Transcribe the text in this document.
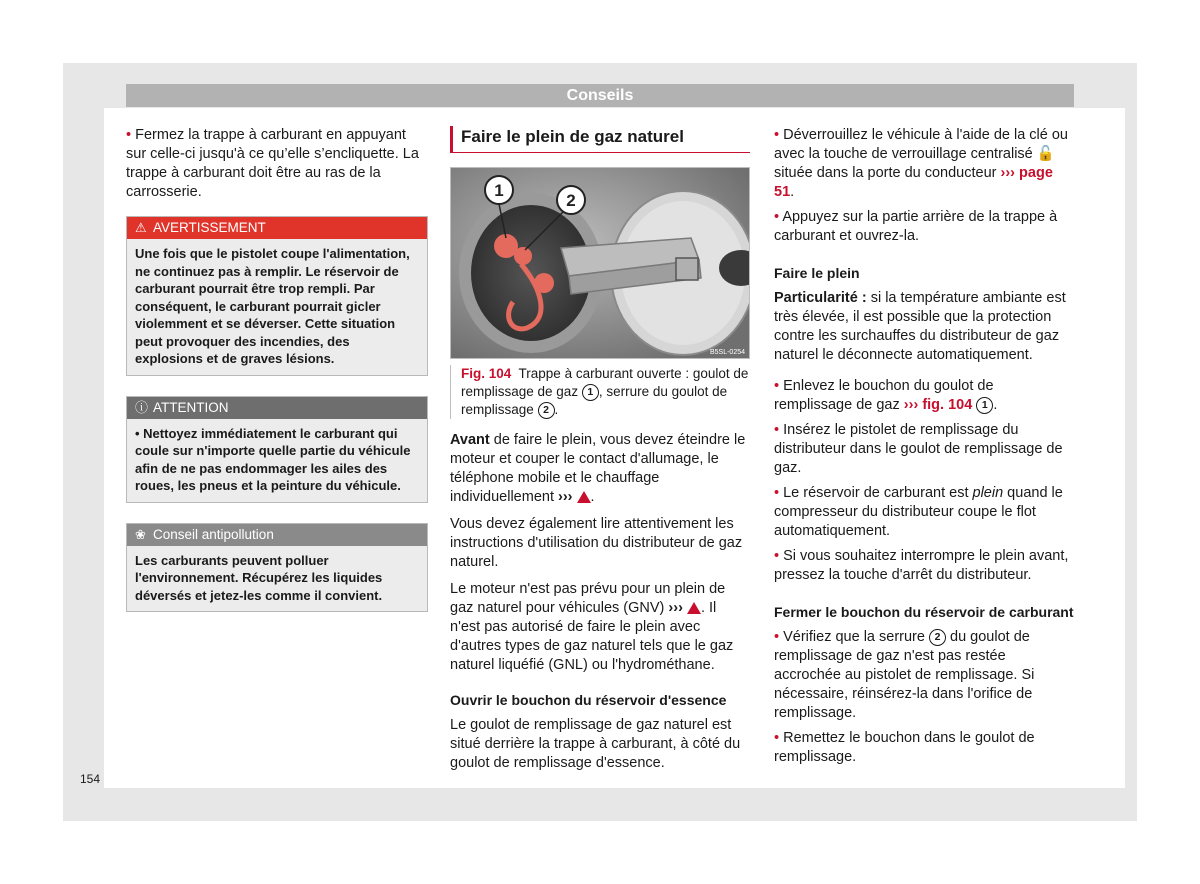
Conseils

• Fermez la trappe à carburant en appuyant sur celle-ci jusqu'à ce qu’elle s’encliquette. La trappe à carburant doit être au ras de la carrosserie.

⚠ AVERTISSEMENT
Une fois que le pistolet coupe l'alimentation, ne continuez pas à remplir. Le réservoir de carburant pourrait être trop rempli. Par conséquent, le carburant pourrait gicler violemment et se déverser. Cette situation peut provoquer des incendies, des explosions et de graves lésions.
ⓘ ATTENTION
• Nettoyez immédiatement le carburant qui coule sur n'importe quelle partie du véhicule afin de ne pas endommager les ailes des roues, les pneus et la peinture du véhicule.
❀ Conseil antipollution
Les carburants peuvent polluer l'environnement. Récupérez les liquides déversés et jetez-les comme il convient.
Faire le plein de gaz naturel
1
2
B5SL-0254
Fig. 104 Trappe à carburant ouverte : goulot de remplissage de gaz 1 , serrure du goulot de remplissage 2 .

Avant de faire le plein, vous devez éteindre le moteur et couper le contact d'allumage, le téléphone mobile et le chauffage individuellement ››› .

Vous devez également lire attentivement les instructions d'utilisation du distributeur de gaz naturel.

Le moteur n'est pas prévu pour un plein de gaz naturel pour véhicules (GNV) ››› . Il n'est pas autorisé de faire le plein avec d'autres types de gaz naturel tels que le gaz naturel liquéfié (GNL) ou l'hydrométhane.

Ouvrir le bouchon du réservoir d'essence

Le goulot de remplissage de gaz naturel est situé derrière la trappe à carburant, à côté du goulot de remplissage d'essence.

• Déverrouillez le véhicule à l'aide de la clé ou avec la touche de verrouillage centralisé 🔓 située dans la porte du conducteur ››› page 51.

• Appuyez sur la partie arrière de la trappe à carburant et ouvrez-la.

Faire le plein

Particularité : si la température ambiante est très élevée, il est possible que la protection contre les surchauffes du distributeur de gaz naturel le déconnecte automatiquement.

• Enlevez le bouchon du goulot de remplissage de gaz ››› fig. 104 1 .

• Insérez le pistolet de remplissage du distributeur dans le goulot de remplissage de gaz.

• Le réservoir de carburant est plein quand le compresseur du distributeur coupe le flot automatiquement.

• Si vous souhaitez interrompre le plein avant, pressez la touche d'arrêt du distributeur.

Fermer le bouchon du réservoir de carburant

• Vérifiez que la serrure 2 du goulot de remplissage de gaz n'est pas restée accrochée au pistolet de remplissage. Si nécessaire, réinsérez-la dans l'orifice de remplissage.

• Remettez le bouchon dans le goulot de remplissage.

154
